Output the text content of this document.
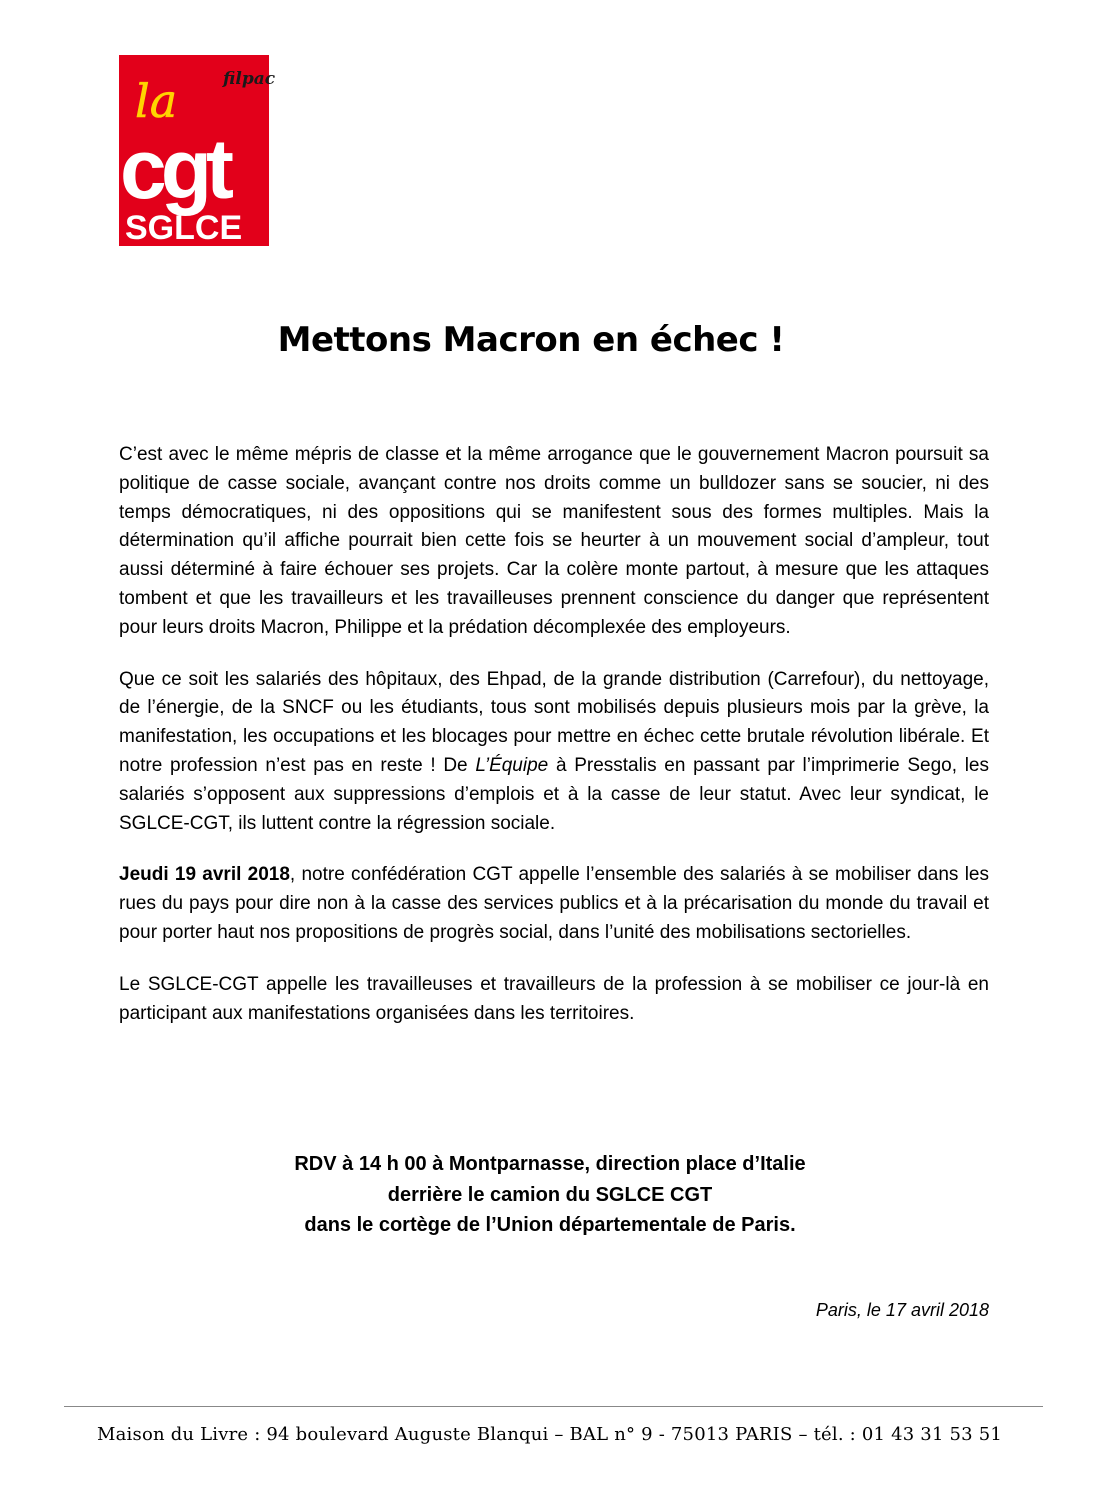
filpac
la
cgt
SGLCE
Mettons Macron en échec !

C’est avec le même mépris de classe et la même arrogance que le gouvernement Macron poursuit sa politique de casse sociale, avançant contre nos droits comme un bulldozer sans se soucier, ni des temps démocratiques, ni des oppositions qui se manifestent sous des formes multiples. Mais la détermination qu’il affiche pourrait bien cette fois se heurter à un mouvement social d’ampleur, tout aussi déterminé à faire échouer ses projets. Car la colère monte partout, à mesure que les attaques tombent et que les travailleurs et les travailleuses prennent conscience du danger que représentent pour leurs droits Macron, Philippe et la prédation décomplexée des employeurs.

Que ce soit les salariés des hôpitaux, des Ehpad, de la grande distribution (Carrefour), du nettoyage, de l’énergie, de la SNCF ou les étudiants, tous sont mobilisés depuis plusieurs mois par la grève, la manifestation, les occupations et les blocages pour mettre en échec cette brutale révolution libérale. Et notre profession n’est pas en reste ! De L’Équipe à Presstalis en passant par l’imprimerie Sego, les salariés s’opposent aux suppressions d’emplois et à la casse de leur statut. Avec leur syndicat, le SGLCE-CGT, ils luttent contre la régression sociale.

Jeudi 19 avril 2018, notre confédération CGT appelle l’ensemble des salariés à se mobiliser dans les rues du pays pour dire non à la casse des services publics et à la précarisation du monde du travail et pour porter haut nos propositions de progrès social, dans l’unité des mobilisations sectorielles.

Le SGLCE-CGT appelle les travailleuses et travailleurs de la profession à se mobiliser ce jour-là en participant aux manifestations organisées dans les territoires.

RDV à 14 h 00 à Montparnasse, direction place d’Italie
derrière le camion du SGLCE CGT
dans le cortège de l’Union départementale de Paris.
Paris, le 17 avril 2018
Maison du Livre : 94 boulevard Auguste Blanqui – BAL n° 9 - 75013 PARIS – tél. : 01 43 31 53 51
